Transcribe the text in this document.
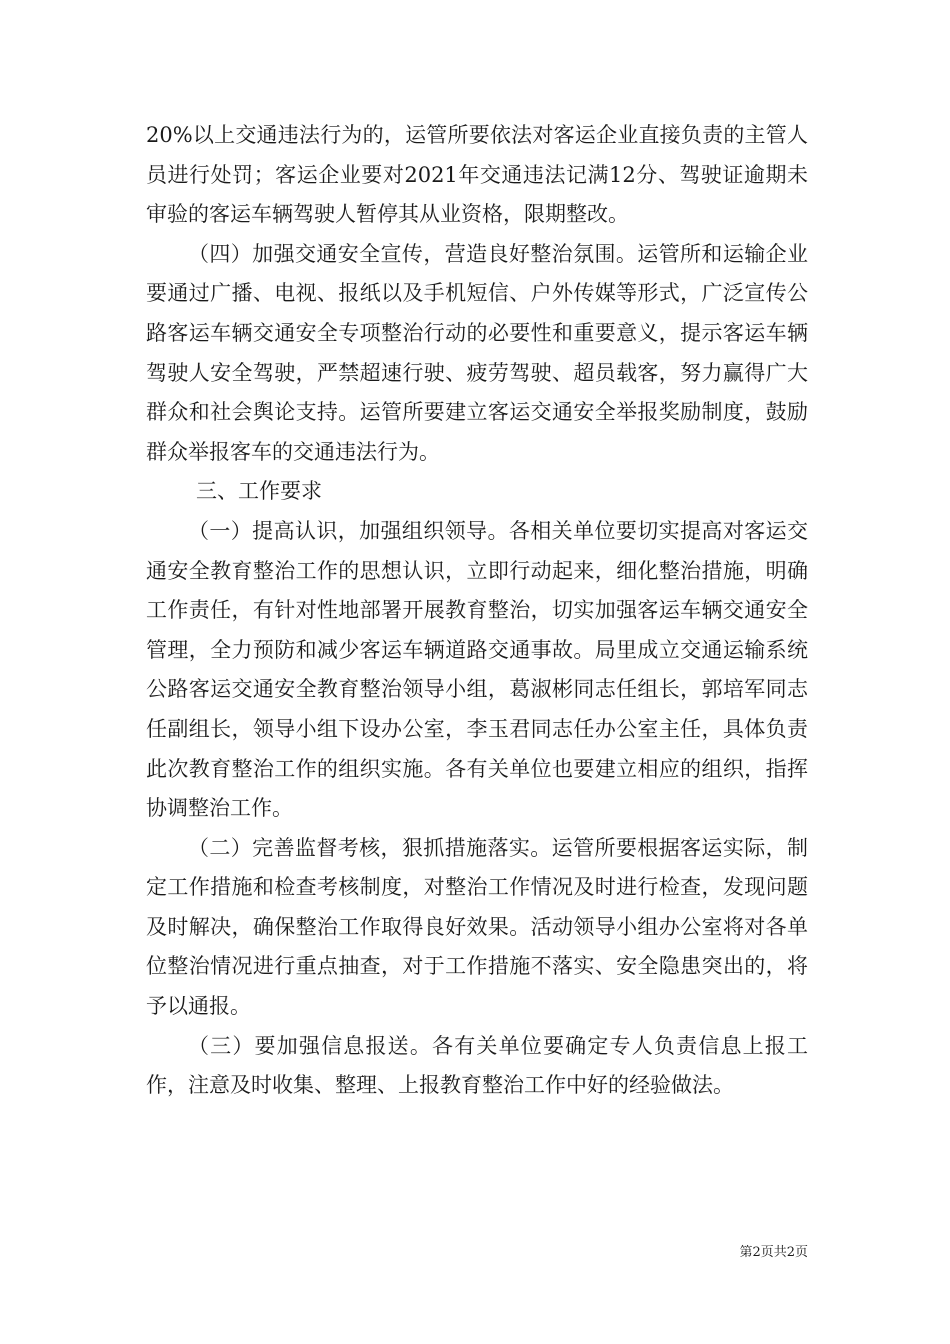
20%以上交通违法行为的，运管所要依法对客运企业直接负责的主管人员进行处罚；客运企业要对2021年交通违法记满12分、驾驶证逾期未审验的客运车辆驾驶人暂停其从业资格，限期整改。

（四）加强交通安全宣传，营造良好整治氛围。运管所和运输企业要通过广播、电视、报纸以及手机短信、户外传媒等形式，广泛宣传公路客运车辆交通安全专项整治行动的必要性和重要意义，提示客运车辆驾驶人安全驾驶，严禁超速行驶、疲劳驾驶、超员载客，努力赢得广大群众和社会舆论支持。运管所要建立客运交通安全举报奖励制度，鼓励群众举报客车的交通违法行为。

三、工作要求

（一）提高认识，加强组织领导。各相关单位要切实提高对客运交通安全教育整治工作的思想认识，立即行动起来，细化整治措施，明确工作责任，有针对性地部署开展教育整治，切实加强客运车辆交通安全管理，全力预防和减少客运车辆道路交通事故。局里成立交通运输系统公路客运交通安全教育整治领导小组，葛淑彬同志任组长，郭培军同志任副组长，领导小组下设办公室，李玉君同志任办公室主任，具体负责此次教育整治工作的组织实施。各有关单位也要建立相应的组织，指挥协调整治工作。

（二）完善监督考核，狠抓措施落实。运管所要根据客运实际，制定工作措施和检查考核制度，对整治工作情况及时进行检查，发现问题及时解决，确保整治工作取得良好效果。活动领导小组办公室将对各单位整治情况进行重点抽查，对于工作措施不落实、安全隐患突出的，将予以通报。

（三）要加强信息报送。各有关单位要确定专人负责信息上报工作，注意及时收集、整理、上报教育整治工作中好的经验做法。

第2页共2页
